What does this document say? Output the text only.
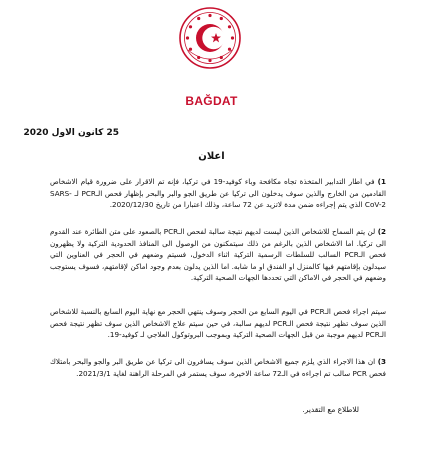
BAĞDAT
25 كانون الاول 2020
اعلان
1) في اطار التدابير المتخذة تجاه مكافحة وباء كوفيد-19 في تركيا، فإنه تم الاقرار على ضرورة قيام الاشخاص القادمين من الخارج والذين سوف يدخلون الى تركيا عن طريق الجو والبر والبحر بإظهار فحص الـPCR لـ SARS-CoV-2 الذي يتم إجراءه ضمن مدة لاتزيد عن 72 ساعة، وذلك اعتبارا من تاريخ 2020/12/30.
2) لن يتم السماح للاشخاص الذين ليست لديهم نتيجة سالبة لفحص الـPCR بالصعود على متن الطائرة عند القدوم الى تركيا. اما الاشخاص الذين بالرغم من ذلك سيتمكنون من الوصول الى المنافذ الحدودية التركية ولا يظهرون فحص الـPCR السالب للسلطات الرسمية التركية اثناء الدخول، فسيتم وضعهم في الحجر في العناوين التي سيدلون بإقامتهم فيها كالمنزل او الفندق او ما شابه. اما الذين يدلون بعدم وجود اماكن لإقامتهم، فسوف يستوجب وضعهم في الحجر في الاماكن التي تحددها الجهات الصحية التركية.
سيتم اجراء فحص الـPCR في اليوم السابع من الحجر وسوف ينتهي الحجر مع نهاية اليوم السابع بالنسبة للاشخاص الذين سوف تظهر نتيجة فحص الـPCR لديهم سالبة، في حين سيتم علاج الاشخاص الذين سوف تظهر نتيجة فحص الـPCR لديهم موجبة من قبل الجهات الصحية التركية وبموجب البروتوكول العلاجي لـ كوفيد-19.
3) ان هذا الاجراء الذي يلزم جميع الاشخاص الذين سوف يسافرون الى تركيا عن طريق البر والجو والبحر بامتلاك فحص PCR سالب تم اجراءه في الـ72 ساعة الاخيرة، سوف يستمر في المرحلة الراهنة لغاية 2021/3/1.
للاطلاع مع التقدير.
